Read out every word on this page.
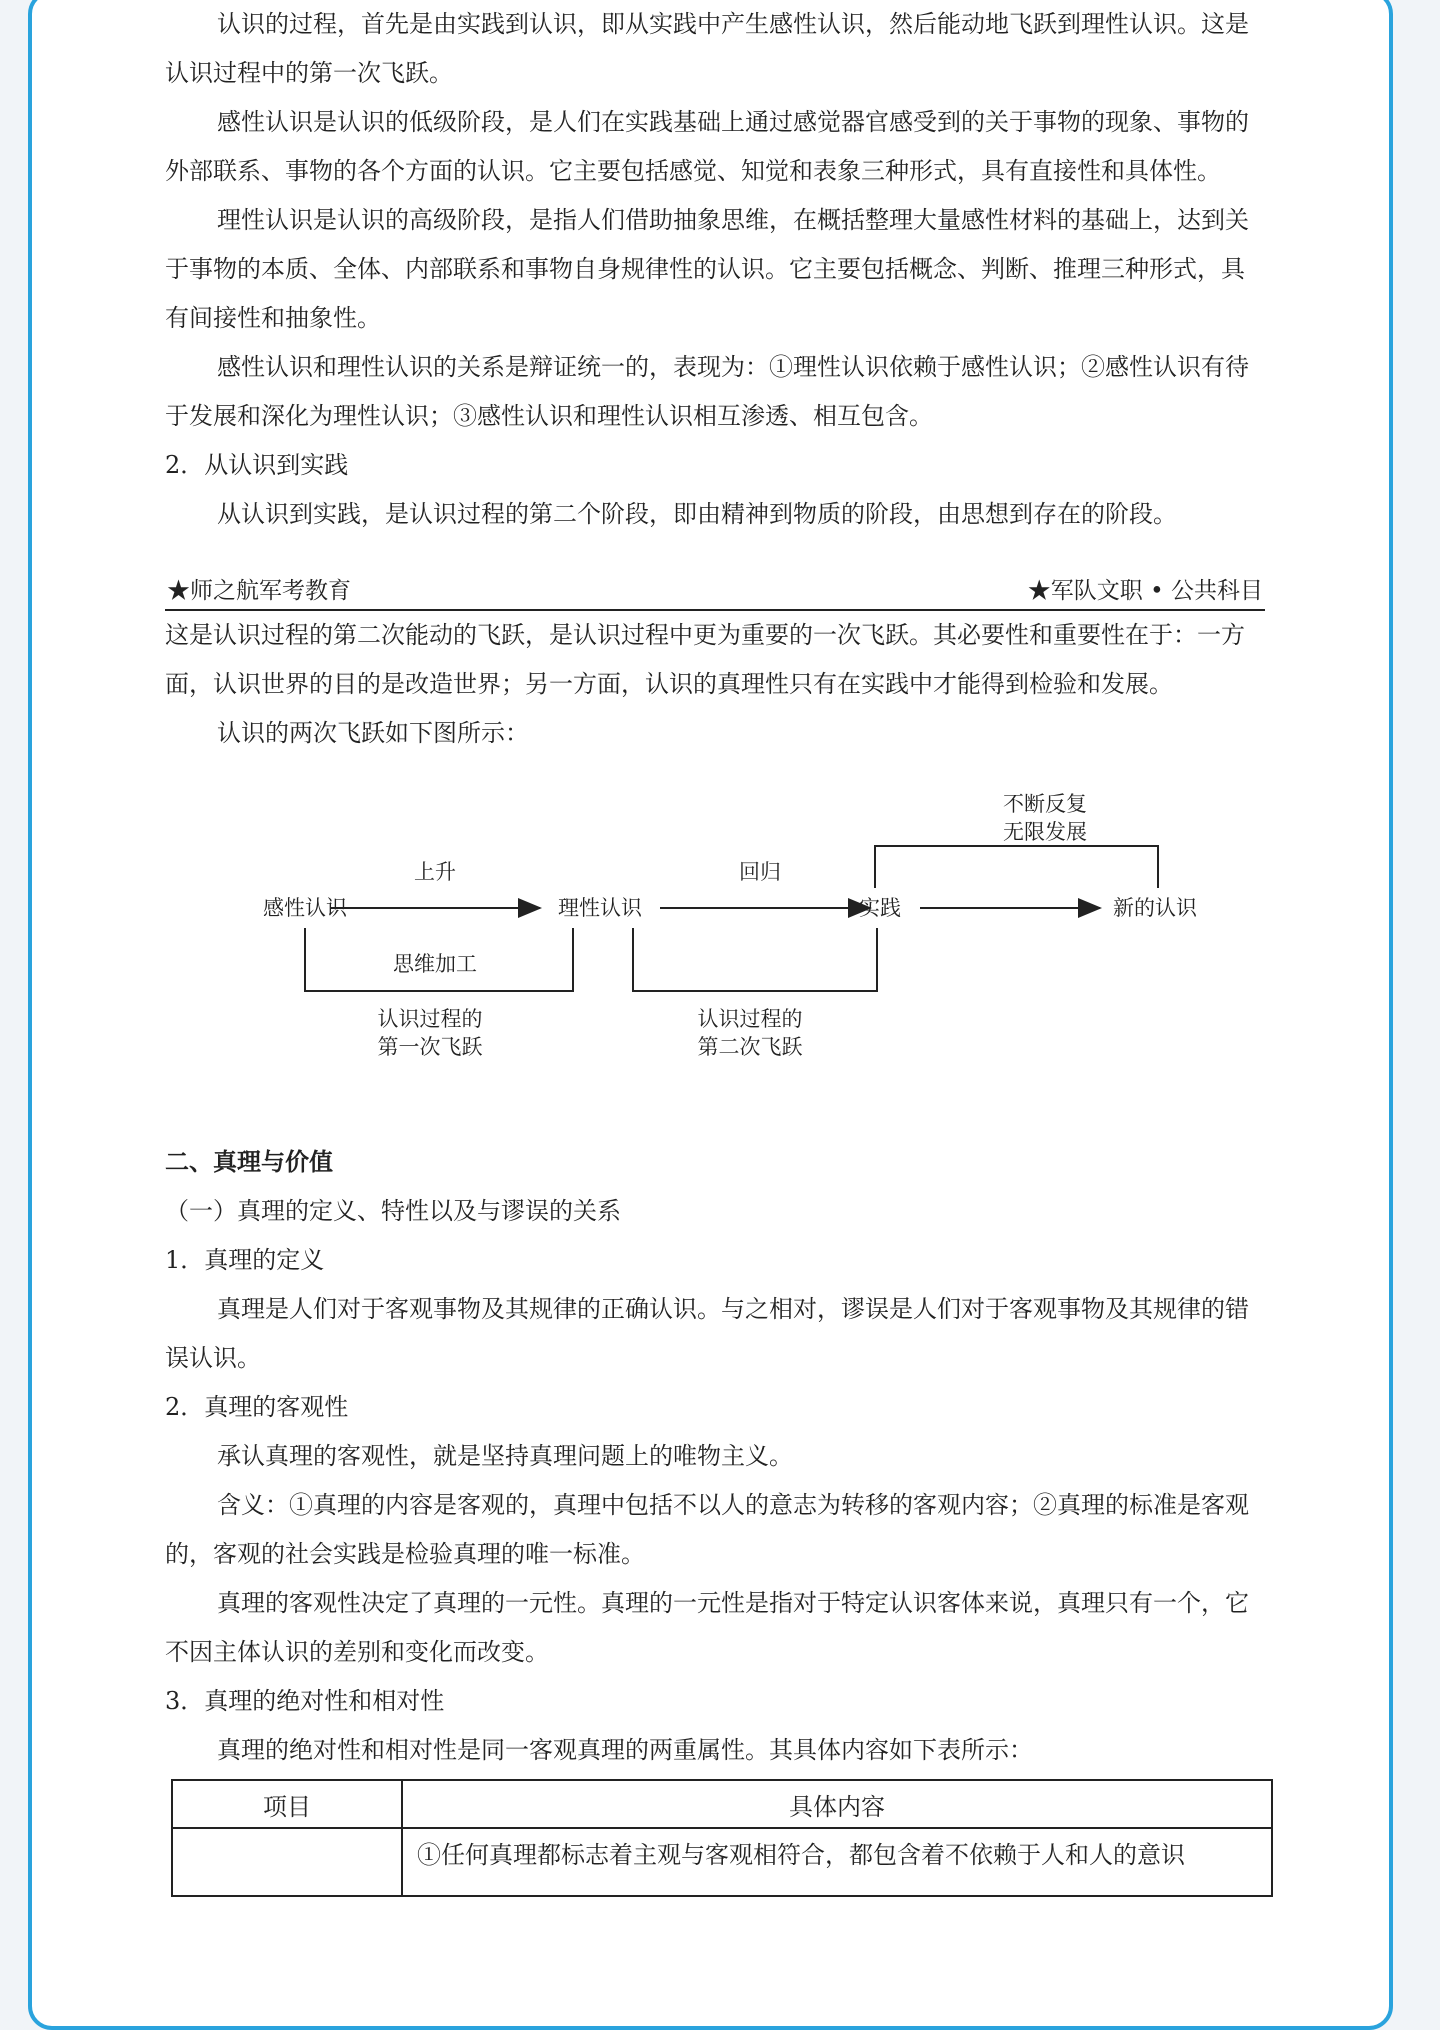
认识的过程，首先是由实践到认识，即从实践中产生感性认识，然后能动地飞跃到理性认识。这是认识过程中的第一次飞跃。

感性认识是认识的低级阶段，是人们在实践基础上通过感觉器官感受到的关于事物的现象、事物的外部联系、事物的各个方面的认识。它主要包括感觉、知觉和表象三种形式，具有直接性和具体性。

理性认识是认识的高级阶段，是指人们借助抽象思维，在概括整理大量感性材料的基础上，达到关于事物的本质、全体、内部联系和事物自身规律性的认识。它主要包括概念、判断、推理三种形式，具有间接性和抽象性。

感性认识和理性认识的关系是辩证统一的，表现为：①理性认识依赖于感性认识；②感性认识有待于发展和深化为理性认识；③感性认识和理性认识相互渗透、相互包含。

2．从认识到实践

从认识到实践，是认识过程的第二个阶段，即由精神到物质的阶段，由思想到存在的阶段。

★师之航军考教育	★军队文职 • 公共科目

这是认识过程的第二次能动的飞跃，是认识过程中更为重要的一次飞跃。其必要性和重要性在于：一方面，认识世界的目的是改造世界；另一方面，认识的真理性只有在实践中才能得到检验和发展。

认识的两次飞跃如下图所示：

不断反复
无限发展
感性认识	理性认识	实践	新的认识
上升	回归
思维加工
认识过程的
第一次飞跃
认识过程的
第二次飞跃

二、真理与价值

（一）真理的定义、特性以及与谬误的关系

1．真理的定义

真理是人们对于客观事物及其规律的正确认识。与之相对，谬误是人们对于客观事物及其规律的错误认识。

2．真理的客观性

承认真理的客观性，就是坚持真理问题上的唯物主义。

含义：①真理的内容是客观的，真理中包括不以人的意志为转移的客观内容；②真理的标准是客观的，客观的社会实践是检验真理的唯一标准。

真理的客观性决定了真理的一元性。真理的一元性是指对于特定认识客体来说，真理只有一个，它不因主体认识的差别和变化而改变。

3．真理的绝对性和相对性

真理的绝对性和相对性是同一客观真理的两重属性。其具体内容如下表所示：

项目	具体内容
	①任何真理都标志着主观与客观相符合，都包含着不依赖于人和人的意识
